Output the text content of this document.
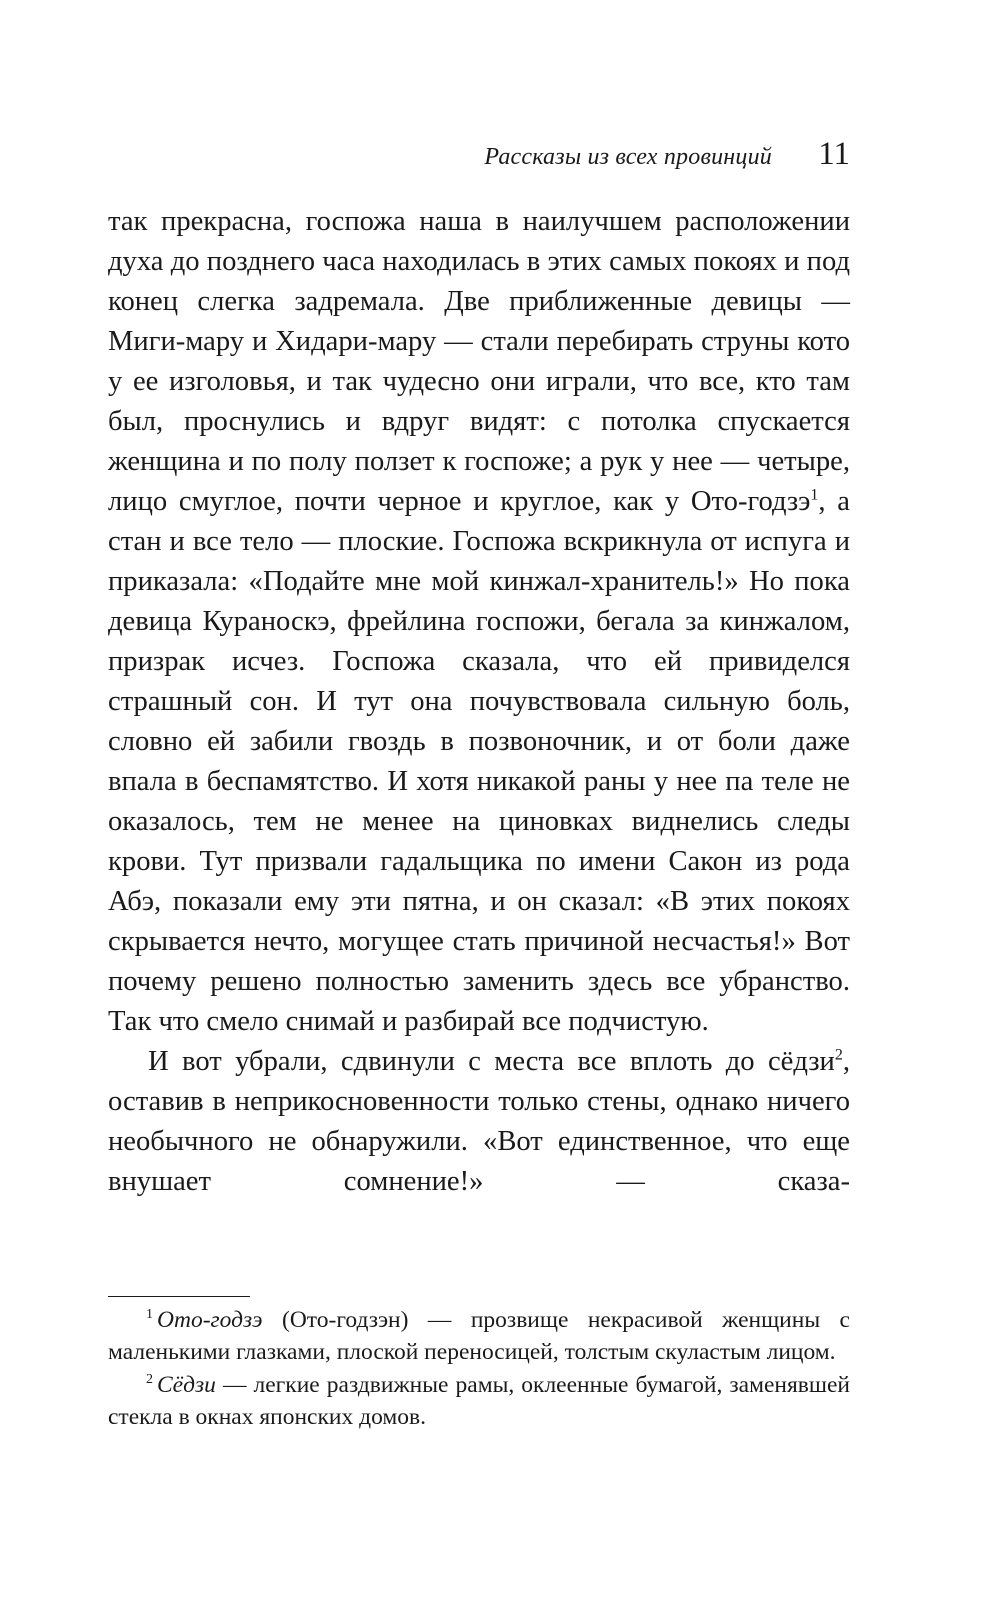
Рассказы из всех провинций 11

так прекрасна, госпожа наша в наилучшем расположении духа до позднего часа находилась в этих самых покоях и под конец слегка задремала. Две приближенные девицы — Миги-мару и Хидари-мару — стали перебирать струны кото у ее изголовья, и так чудесно они играли, что все, кто там был, проснулись и вдруг видят: с потолка спускается женщина и по полу ползет к госпоже; а рук у нее — четыре, лицо смуглое, почти черное и круглое, как у Ото-годзэ$^1$, а стан и все тело — плоские. Госпожа вскрикнула от испуга и приказала: «Подайте мне мой кинжал-хранитель!» Но пока девица Кураноскэ, фрейлина госпожи, бегала за кинжалом, призрак исчез. Госпожа сказала, что ей привиделся страшный сон. И тут она почувствовала сильную боль, словно ей забили гвоздь в позвоночник, и от боли даже впала в беспамятство. И хотя никакой раны у нее па теле не оказалось, тем не менее на циновках виднелись следы крови. Тут призвали гадальщика по имени Сакон из рода Абэ, показали ему эти пятна, и он сказал: «В этих покоях скрывается нечто, могущее стать причиной несчастья!» Вот почему решено полностью заменить здесь все убранство. Так что смело снимай и разбирай все подчистую.

И вот убрали, сдвинули с места все вплоть до сёдзи$^2$, оставив в неприкосновенности только стены, однако ничего необычного не обнаружили. «Вот единственное, что еще внушает сомнение!» — сказа-

$^1$ Ото-годзэ (Ото-годзэн) — прозвище некрасивой женщины с маленькими глазками, плоской переносицей, толстым скуластым лицом.

$^2$ Сёдзи — легкие раздвижные рамы, оклеенные бумагой, заменявшей стекла в окнах японских домов.
